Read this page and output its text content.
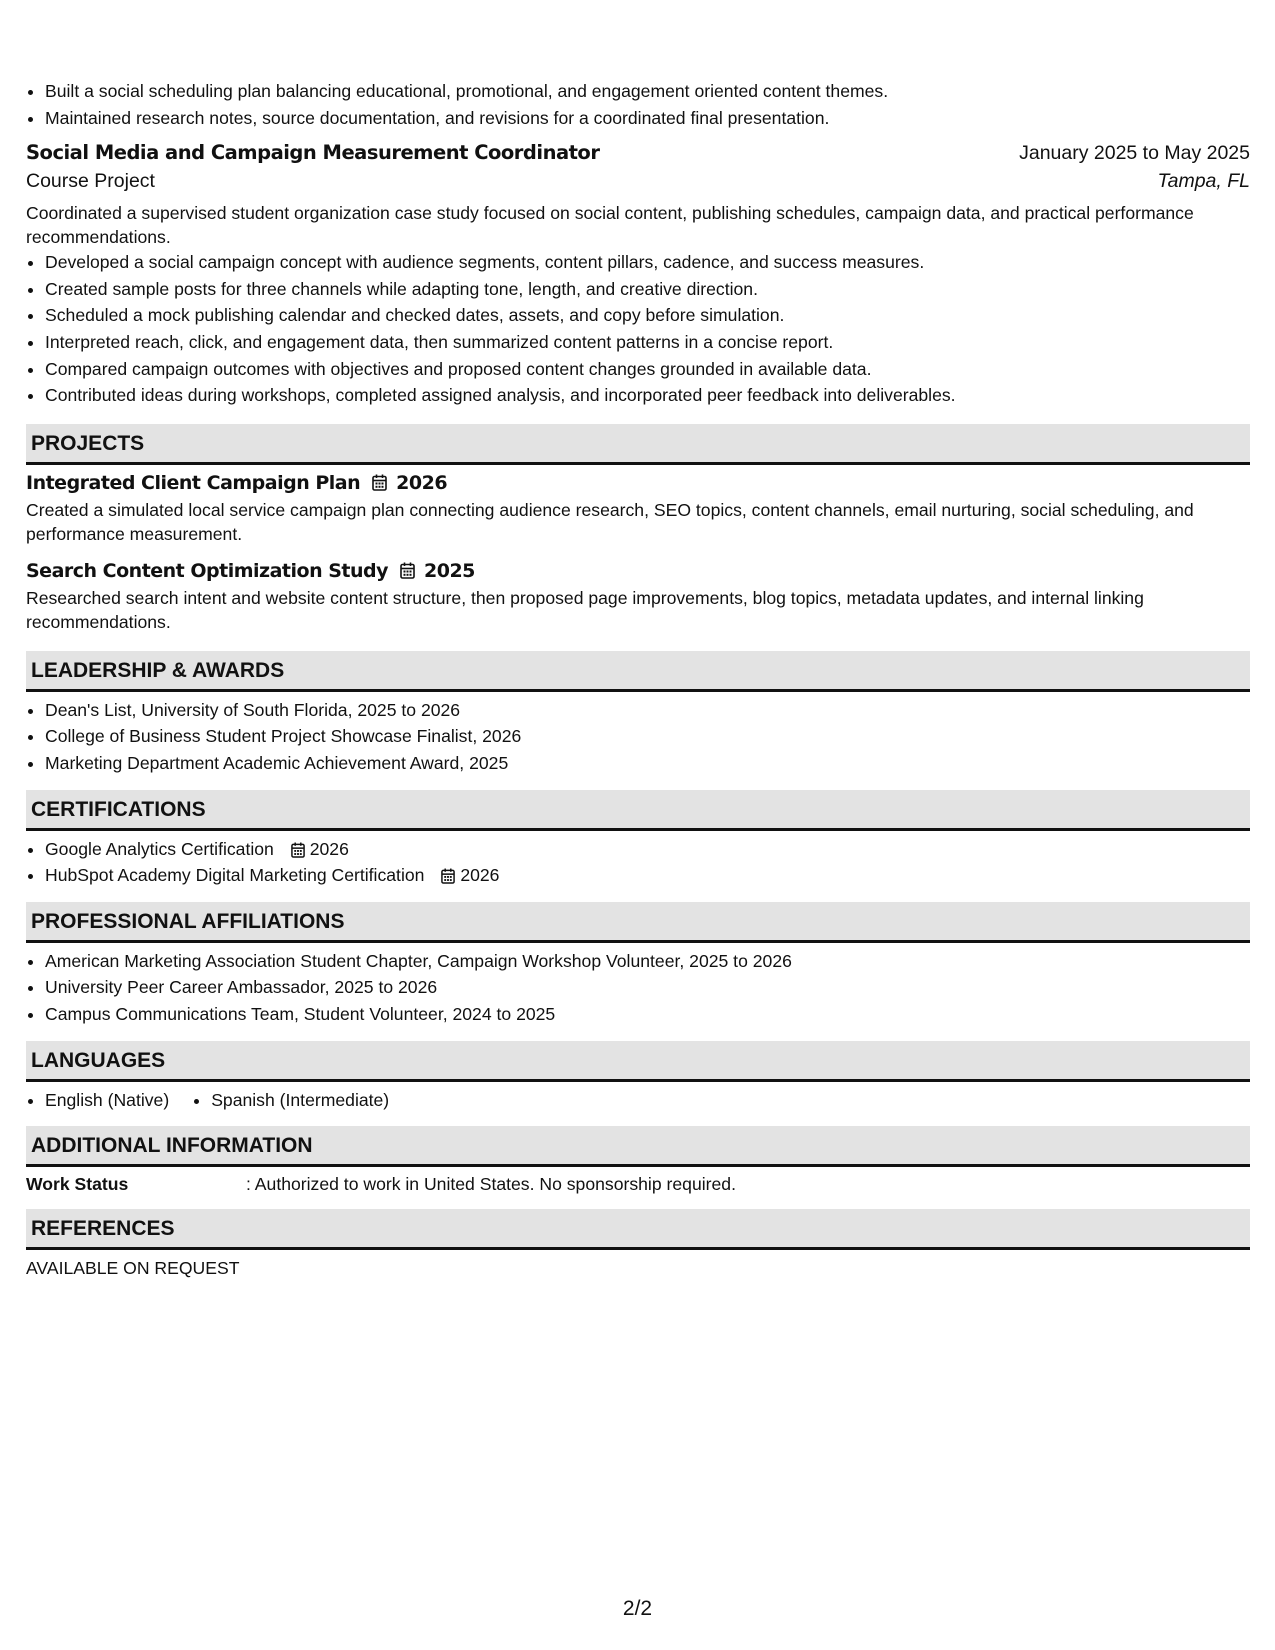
• Built a social scheduling plan balancing educational, promotional, and engagement oriented content themes.
• Maintained research notes, source documentation, and revisions for a coordinated final presentation.
Social Media and Campaign Measurement Coordinator	January 2025 to May 2025
Course Project	Tampa, FL

Coordinated a supervised student organization case study focused on social content, publishing schedules, campaign data, and practical performance recommendations.

• Developed a social campaign concept with audience segments, content pillars, cadence, and success measures.
• Created sample posts for three channels while adapting tone, length, and creative direction.
• Scheduled a mock publishing calendar and checked dates, assets, and copy before simulation.
• Interpreted reach, click, and engagement data, then summarized content patterns in a concise report.
• Compared campaign outcomes with objectives and proposed content changes grounded in available data.
• Contributed ideas during workshops, completed assigned analysis, and incorporated peer feedback into deliverables.
PROJECTS
Integrated Client Campaign Plan 2026

Created a simulated local service campaign plan connecting audience research, SEO topics, content channels, email nurturing, social scheduling, and performance measurement.

Search Content Optimization Study 2025

Researched search intent and website content structure, then proposed page improvements, blog topics, metadata updates, and internal linking recommendations.

LEADERSHIP & AWARDS
• Dean's List, University of South Florida, 2025 to 2026
• College of Business Student Project Showcase Finalist, 2026
• Marketing Department Academic Achievement Award, 2025
CERTIFICATIONS
• Google Analytics Certification 2026
• HubSpot Academy Digital Marketing Certification 2026
PROFESSIONAL AFFILIATIONS
• American Marketing Association Student Chapter, Campaign Workshop Volunteer, 2025 to 2026
• University Peer Career Ambassador, 2025 to 2026
• Campus Communications Team, Student Volunteer, 2024 to 2025
LANGUAGES
• English (Native)
• Spanish (Intermediate)
ADDITIONAL INFORMATION
Work Status	: Authorized to work in United States. No sponsorship required.
REFERENCES
AVAILABLE ON REQUEST
2/2
